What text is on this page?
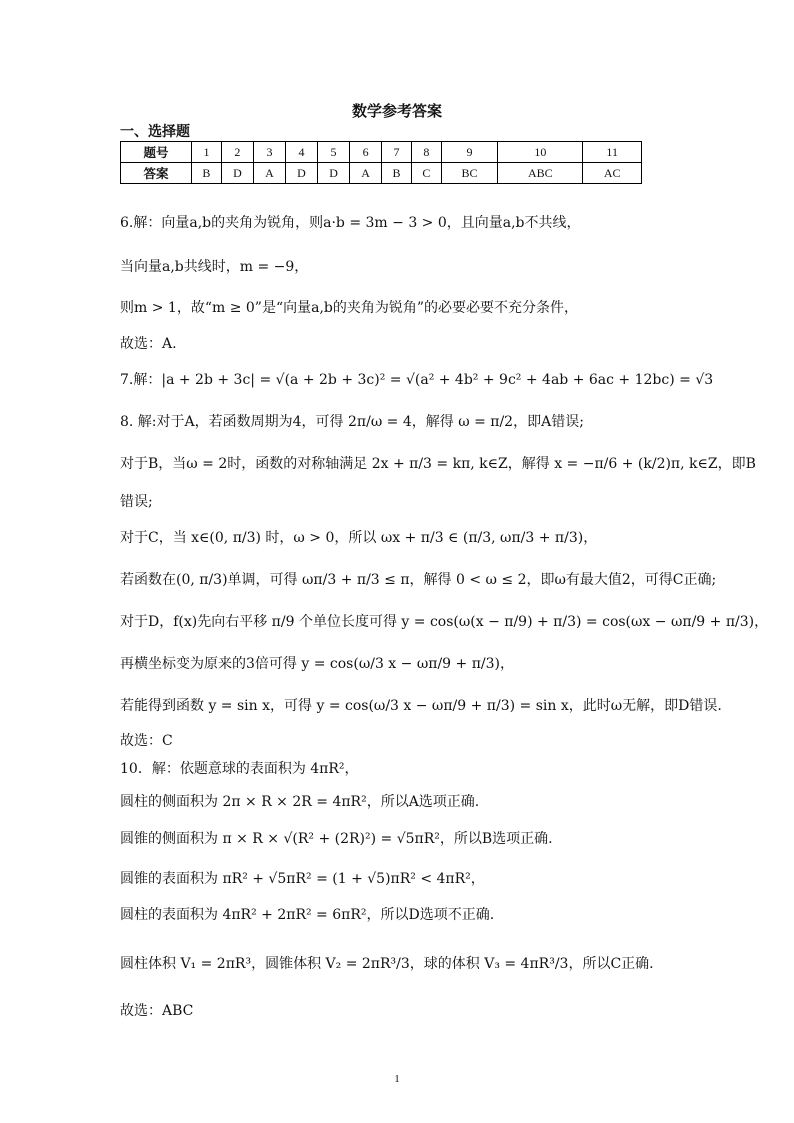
数学参考答案
一、选择题
题号	1	2	3	4	5	6	7	8	9	10	11
答案	B	D	A	D	D	A	B	C	BC	ABC	AC
6.解：向量a,b的夹角为锐角，则a·b = 3m − 3 > 0，且向量a,b不共线，
当向量a,b共线时，m = −9，
则m > 1，故“m ≥ 0”是“向量a,b的夹角为锐角”的必要必要不充分条件，
故选：A.
7.解：|a + 2b + 3c| = √(a + 2b + 3c)² = √(a² + 4b² + 9c² + 4ab + 6ac + 12bc) = √3
8. 解:对于A，若函数周期为4，可得 2π/ω = 4，解得 ω = π/2，即A错误;
对于B，当ω = 2时，函数的对称轴满足 2x + π/3 = kπ, k∈Z，解得 x = −π/6 + (k/2)π, k∈Z，即B
错误;
对于C，当 x∈(0, π/3) 时，ω > 0，所以 ωx + π/3 ∈ (π/3, ωπ/3 + π/3)，
若函数在(0, π/3)单调，可得 ωπ/3 + π/3 ≤ π，解得 0 < ω ≤ 2，即ω有最大值2，可得C正确;
对于D，f(x)先向右平移 π/9 个单位长度可得 y = cos(ω(x − π/9) + π/3) = cos(ωx − ωπ/9 + π/3)，
再横坐标变为原来的3倍可得 y = cos(ω/3 x − ωπ/9 + π/3)，
若能得到函数 y = sin x，可得 y = cos(ω/3 x − ωπ/9 + π/3) = sin x，此时ω无解，即D错误.
故选：C
10．解：依题意球的表面积为 4πR²，
圆柱的侧面积为 2π × R × 2R = 4πR²，所以A选项正确.
圆锥的侧面积为 π × R × √(R² + (2R)²) = √5πR²，所以B选项正确.
圆锥的表面积为 πR² + √5πR² = (1 + √5)πR² < 4πR²，
圆柱的表面积为 4πR² + 2πR² = 6πR²，所以D选项不正确.
圆柱体积 V₁ = 2πR³，圆锥体积 V₂ = 2πR³/3，球的体积 V₃ = 4πR³/3，所以C正确.
故选：ABC
1
